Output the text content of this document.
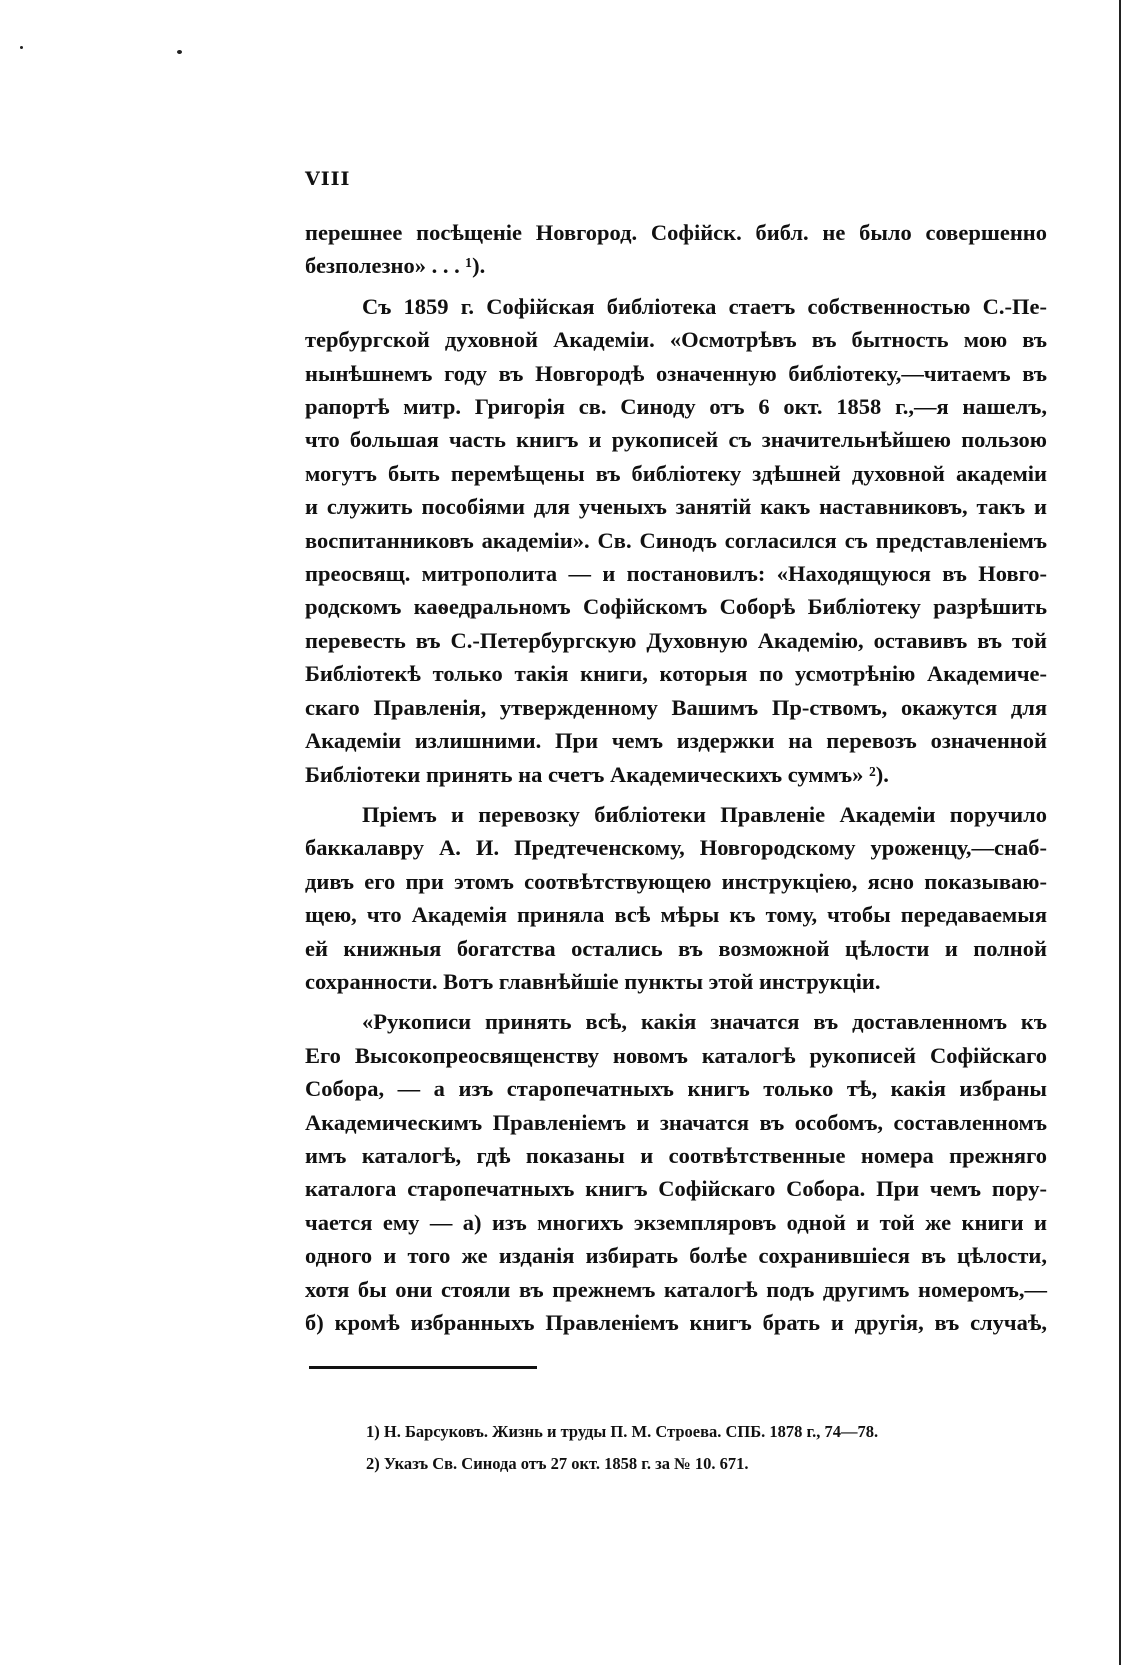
VIII

перешнее посѣщеніе Новгород. Софійск. библ. не было совершенно
безполезно» . . . ¹).

Съ 1859 г. Софійская библіотека стаетъ собственностью С.-Пе-
тербургской духовной Академіи. «Осмотрѣвъ въ бытность мою въ
нынѣшнемъ году въ Новгородѣ означенную библіотеку,—читаемъ въ
рапортѣ митр. Григорія св. Синоду отъ 6 окт. 1858 г.,—я нашелъ,
что большая часть книгъ и рукописей съ значительнѣйшею пользою
могутъ быть перемѣщены въ библіотеку здѣшней духовной академіи
и служить пособіями для ученыхъ занятій какъ наставниковъ, такъ и
воспитанниковъ академіи». Св. Синодъ согласился съ представленіемъ
преосвящ. митрополита — и постановилъ: «Находящуюся въ Новго-
родскомъ каѳедральномъ Софійскомъ Соборѣ Библіотеку разрѣшить
перевесть въ С.-Петербургскую Духовную Академію, оставивъ въ той
Библіотекѣ только такія книги, которыя по усмотрѣнію Академиче-
скаго Правленія, утвержденному Вашимъ Пр-ствомъ, окажутся для
Академіи излишними. При чемъ издержки на перевозъ означенной
Библіотеки принять на счетъ Академическихъ суммъ» ²).

Пріемъ и перевозку библіотеки Правленіе Академіи поручило
баккалавру А. И. Предтеченскому, Новгородскому уроженцу,—снаб-
дивъ его при этомъ соотвѣтствующею инструкціею, ясно показываю-
щею, что Академія приняла всѣ мѣры къ тому, чтобы передаваемыя
ей книжныя богатства остались въ возможной цѣлости и полной
сохранности. Вотъ главнѣйшіе пункты этой инструкціи.

«Рукописи принять всѣ, какія значатся въ доставленномъ къ
Его Высокопреосвященству новомъ каталогѣ рукописей Софійскаго
Собора, — а изъ старопечатныхъ книгъ только тѣ, какія избраны
Академическимъ Правленіемъ и значатся въ особомъ, составленномъ
имъ каталогѣ, гдѣ показаны и соотвѣтственные номера прежняго
каталога старопечатныхъ книгъ Софійскаго Собора. При чемъ пору-
чается ему — а) изъ многихъ экземпляровъ одной и той же книги и
одного и того же изданія избирать болѣе сохранившіеся въ цѣлости,
хотя бы они стояли въ прежнемъ каталогѣ подъ другимъ номеромъ,—
б) кромѣ избранныхъ Правленіемъ книгъ брать и другія, въ случаѣ,

1) Н. Барсуковъ. Жизнь и труды П. М. Строева. СПБ. 1878 г., 74—78.

2) Указъ Св. Синода отъ 27 окт. 1858 г. за № 10. 671.
